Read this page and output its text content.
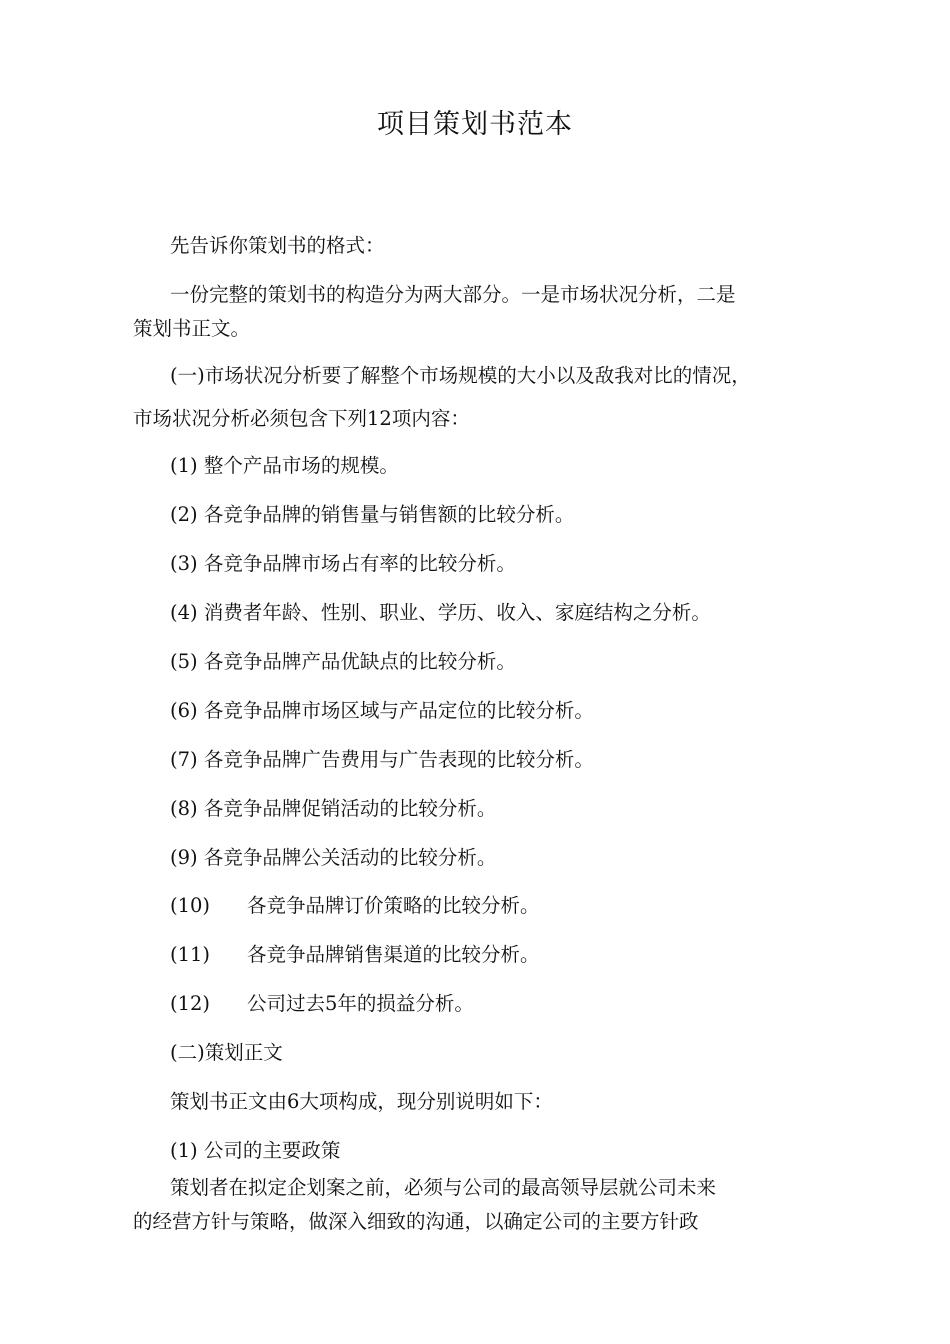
项目策划书范本
先告诉你策划书的格式：
一份完整的策划书的构造分为两大部分。一是市场状况分析，二是
策划书正文。
(一)市场状况分析要了解整个市场规模的大小以及敌我对比的情况，
市场状况分析必须包含下列12项内容：
(1) 整个产品市场的规模。
(2) 各竞争品牌的销售量与销售额的比较分析。
(3) 各竞争品牌市场占有率的比较分析。
(4) 消费者年龄、性别、职业、学历、收入、家庭结构之分析。
(5) 各竞争品牌产品优缺点的比较分析。
(6) 各竞争品牌市场区域与产品定位的比较分析。
(7) 各竞争品牌广告费用与广告表现的比较分析。
(8) 各竞争品牌促销活动的比较分析。
(9) 各竞争品牌公关活动的比较分析。
(10) 各竞争品牌订价策略的比较分析。
(11) 各竞争品牌销售渠道的比较分析。
(12) 公司过去5年的损益分析。
(二)策划正文
策划书正文由6大项构成，现分别说明如下：
(1) 公司的主要政策
策划者在拟定企划案之前，必须与公司的最高领导层就公司未来
的经营方针与策略，做深入细致的沟通，以确定公司的主要方针政
